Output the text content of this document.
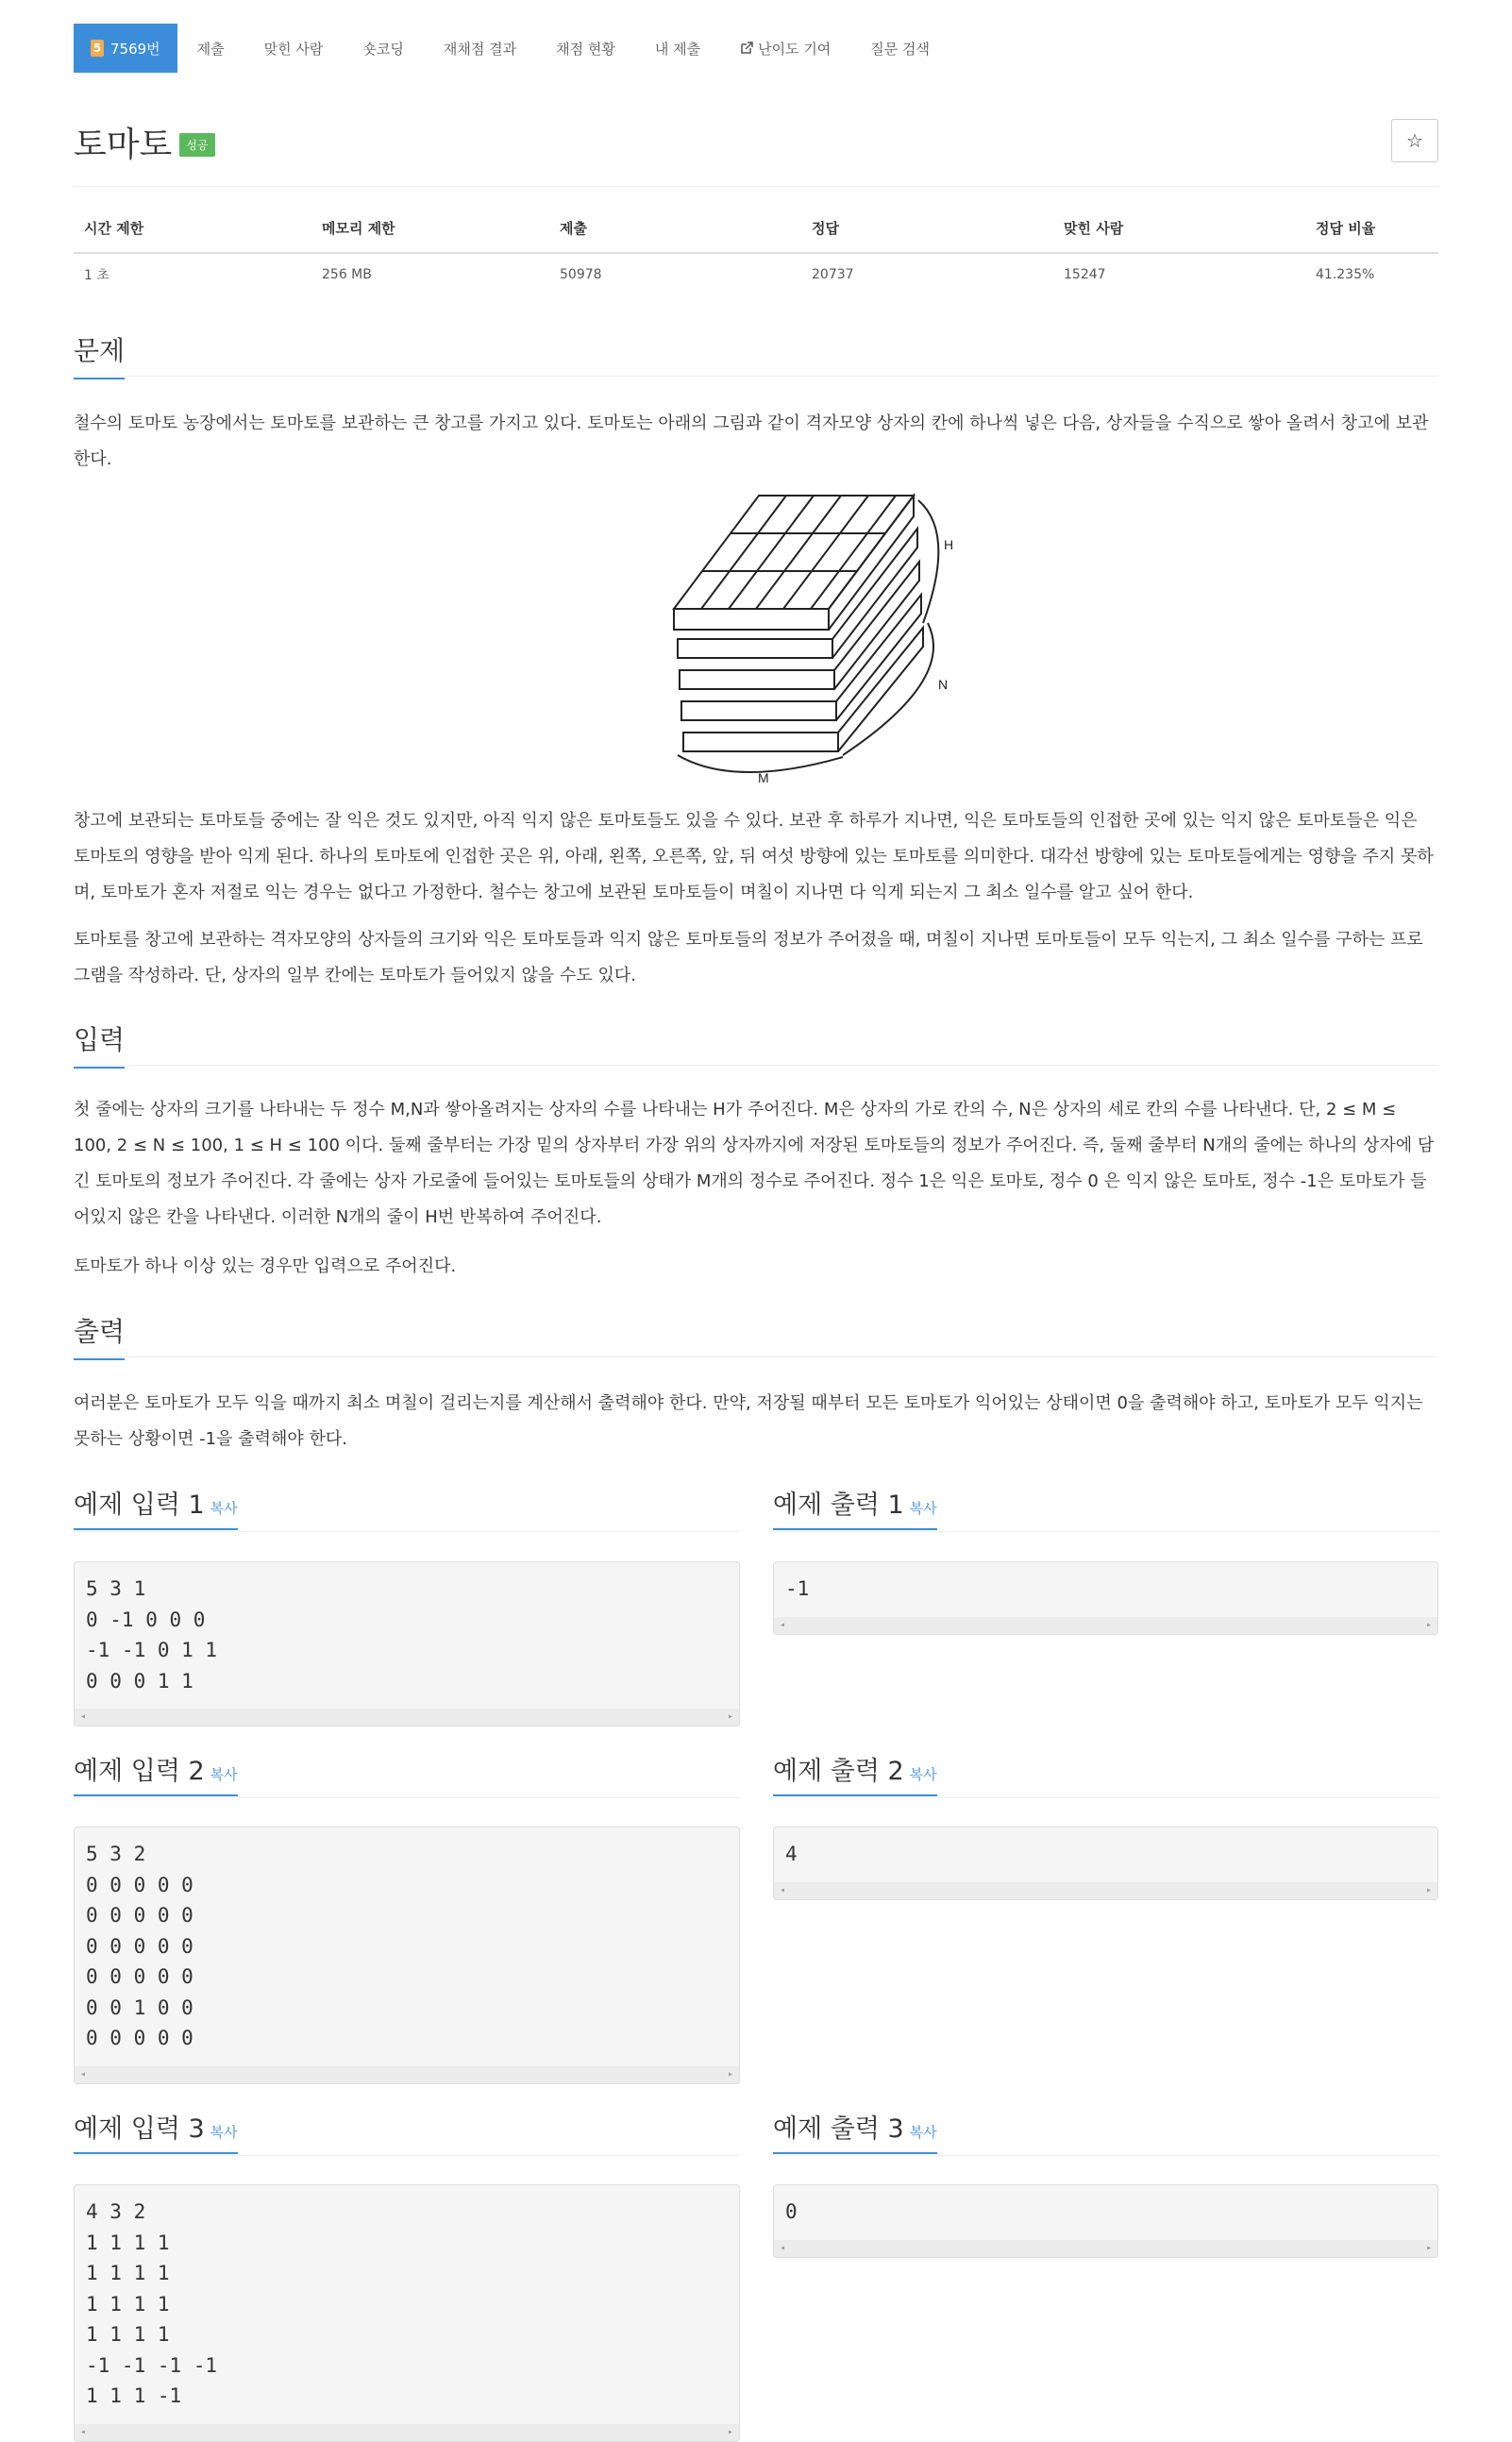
5 7569번	제출	맞힌 사람	숏코딩	재채점 결과	채점 현황	내 제출	난이도 기여	질문 검색
토마토 성공	☆
시간 제한	메모리 제한	제출	정답	맞힌 사람	정답 비율
1 초	256 MB	50978	20737	15247	41.235%
문제
철수의 토마토 농장에서는 토마토를 보관하는 큰 창고를 가지고 있다. 토마토는 아래의 그림과 같이 격자모양 상자의 칸에 하나씩 넣은 다음, 상자들을 수직으로 쌓아 올려서 창고에 보관한다.
H
N
M
창고에 보관되는 토마토들 중에는 잘 익은 것도 있지만, 아직 익지 않은 토마토들도 있을 수 있다. 보관 후 하루가 지나면, 익은 토마토들의 인접한 곳에 있는 익지 않은 토마토들은 익은 토마토의 영향을 받아 익게 된다. 하나의 토마토에 인접한 곳은 위, 아래, 왼쪽, 오른쪽, 앞, 뒤 여섯 방향에 있는 토마토를 의미한다. 대각선 방향에 있는 토마토들에게는 영향을 주지 못하며, 토마토가 혼자 저절로 익는 경우는 없다고 가정한다. 철수는 창고에 보관된 토마토들이 며칠이 지나면 다 익게 되는지 그 최소 일수를 알고 싶어 한다.
토마토를 창고에 보관하는 격자모양의 상자들의 크기와 익은 토마토들과 익지 않은 토마토들의 정보가 주어졌을 때, 며칠이 지나면 토마토들이 모두 익는지, 그 최소 일수를 구하는 프로그램을 작성하라. 단, 상자의 일부 칸에는 토마토가 들어있지 않을 수도 있다.
입력
첫 줄에는 상자의 크기를 나타내는 두 정수 M,N과 쌓아올려지는 상자의 수를 나타내는 H가 주어진다. M은 상자의 가로 칸의 수, N은 상자의 세로 칸의 수를 나타낸다. 단, 2 ≤ M ≤ 100, 2 ≤ N ≤ 100, 1 ≤ H ≤ 100 이다. 둘째 줄부터는 가장 밑의 상자부터 가장 위의 상자까지에 저장된 토마토들의 정보가 주어진다. 즉, 둘째 줄부터 N개의 줄에는 하나의 상자에 담긴 토마토의 정보가 주어진다. 각 줄에는 상자 가로줄에 들어있는 토마토들의 상태가 M개의 정수로 주어진다. 정수 1은 익은 토마토, 정수 0 은 익지 않은 토마토, 정수 -1은 토마토가 들어있지 않은 칸을 나타낸다. 이러한 N개의 줄이 H번 반복하여 주어진다.
토마토가 하나 이상 있는 경우만 입력으로 주어진다.
출력
여러분은 토마토가 모두 익을 때까지 최소 며칠이 걸리는지를 계산해서 출력해야 한다. 만약, 저장될 때부터 모든 토마토가 익어있는 상태이면 0을 출력해야 하고, 토마토가 모두 익지는 못하는 상황이면 -1을 출력해야 한다.
예제 입력 1 복사	예제 출력 1 복사
5 3 1
0 -1 0 0 0
-1 -1 0 1 1
0 0 0 1 1
◂	▸
-1
◂	▸
예제 입력 2 복사	예제 출력 2 복사
5 3 2
0 0 0 0 0
0 0 0 0 0
0 0 0 0 0
0 0 0 0 0
0 0 1 0 0
0 0 0 0 0
◂	▸
4
◂	▸
예제 입력 3 복사	예제 출력 3 복사
4 3 2
1 1 1 1
1 1 1 1
1 1 1 1
1 1 1 1
-1 -1 -1 -1
1 1 1 -1
◂	▸
0
◂	▸
